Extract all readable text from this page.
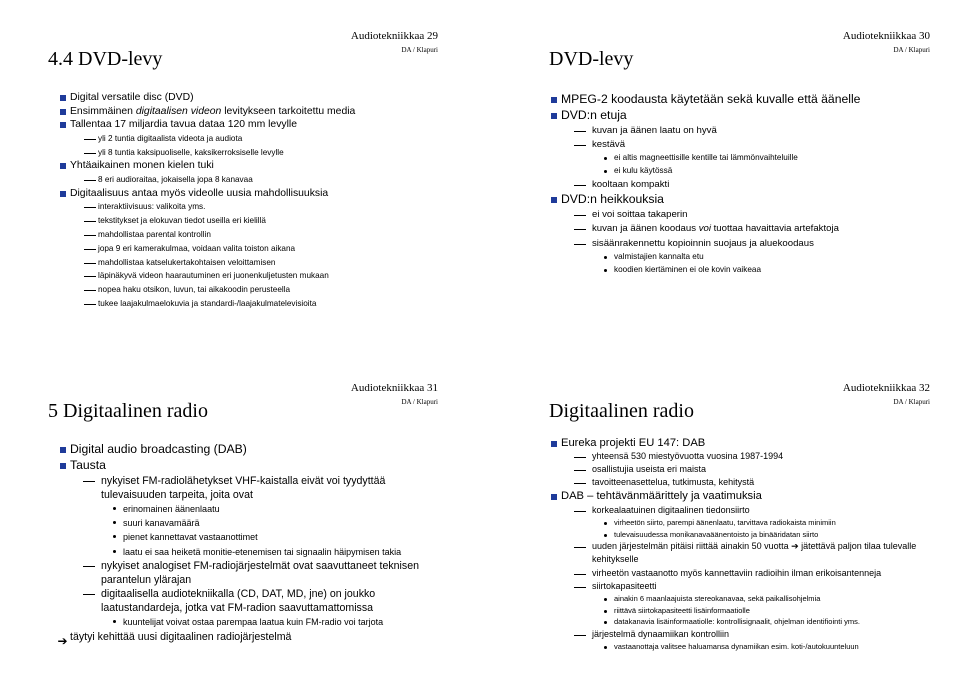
Audiotekniikkaa 29
DA / Klapuri
4.4 DVD-levy
Digital versatile disc (DVD)
Ensimmäinen digitaalisen videon levitykseen tarkoitettu media
Tallentaa 17 miljardia tavua dataa 120 mm levylle
yli 2 tuntia digitaalista videota ja audiota
yli 8 tuntia kaksipuoliselle, kaksikerroksiselle levylle
Yhtäaikainen monen kielen tuki
8 eri audioraitaa, jokaisella jopa 8 kanavaa
Digitaalisuus antaa myös videolle uusia mahdollisuuksia
interaktiivisuus: valikoita yms.
tekstitykset ja elokuvan tiedot useilla eri kielillä
mahdollistaa parental kontrollin
jopa 9 eri kamerakulmaa, voidaan valita toiston aikana
mahdollistaa katselukertakohtaisen veloittamisen
läpinäkyvä videon haarautuminen eri juonenkuljetusten mukaan
nopea haku otsikon, luvun, tai aikakoodin perusteella
tukee laajakulmaelokuvia ja standardi-/laajakulmatelevisioita
Audiotekniikkaa 30
DA / Klapuri
DVD-levy
MPEG-2 koodausta käytetään sekä kuvalle että äänelle
DVD:n etuja
kuvan ja äänen laatu on hyvä
kestävä
ei altis magneettisille kentille tai lämmönvaihteluille
ei kulu käytössä
kooltaan kompakti
DVD:n heikkouksia
ei voi soittaa takaperin
kuvan ja äänen koodaus voi tuottaa havaittavia artefaktoja
sisäänrakennettu kopioinnin suojaus ja aluekoodaus
valmistajien kannalta etu
koodien kiertäminen ei ole kovin vaikeaa
Audiotekniikkaa 31
DA / Klapuri
5 Digitaalinen radio
Digital audio broadcasting (DAB)
Tausta
nykyiset FM-radiolähetykset VHF-kaistalla eivät voi tyydyttää tulevaisuuden tarpeita, joita ovat
erinomainen äänenlaatu
suuri kanavamäärä
pienet kannettavat vastaanottimet
laatu ei saa heiketä monitie-etenemisen tai signaalin häipymisen takia
nykyiset analogiset FM-radiojärjestelmät ovat saavuttaneet teknisen parantelun ylärajan
digitaalisella audiotekniikalla (CD, DAT, MD, jne) on joukko laatustandardeja, jotka vat FM-radion saavuttamattomissa
kuuntelijat voivat ostaa parempaa laatua kuin FM-radio voi tarjota
➔ täytyi kehittää uusi digitaalinen radiojärjestelmä
Audiotekniikkaa 32
DA / Klapuri
Digitaalinen radio
Eureka projekti EU 147: DAB
yhteensä 530 miestyövuotta vuosina 1987-1994
osallistujia useista eri maista
tavoitteenasettelua, tutkimusta, kehitystä
DAB – tehtävänmäärittely ja vaatimuksia
korkealaatuinen digitaalinen tiedonsiirto
virheetön siirto, parempi äänenlaatu, tarvittava radiokaista minimiin
tulevaisuudessa monikanavaäänentoisto ja binääridatan siirto
uuden järjestelmän pitäisi riittää ainakin 50 vuotta ➔ jätettävä paljon tilaa tulevalle kehitykselle
virheetön vastaanotto myös kannettaviin radioihin ilman erikoisantenneja
siirtokapasiteetti
ainakin 6 maanlaajuista stereokanavaa, sekä paikallisohjelmia
riittävä siirtokapasiteetti lisäinformaatiolle
datakanavia lisäinformaatiolle: kontrollisignaalit, ohjelman identifiointi yms.
järjestelmä dynaamiikan kontrolliin
vastaanottaja valitsee haluamansa dynamiikan esim. koti-/autokuunteluun
